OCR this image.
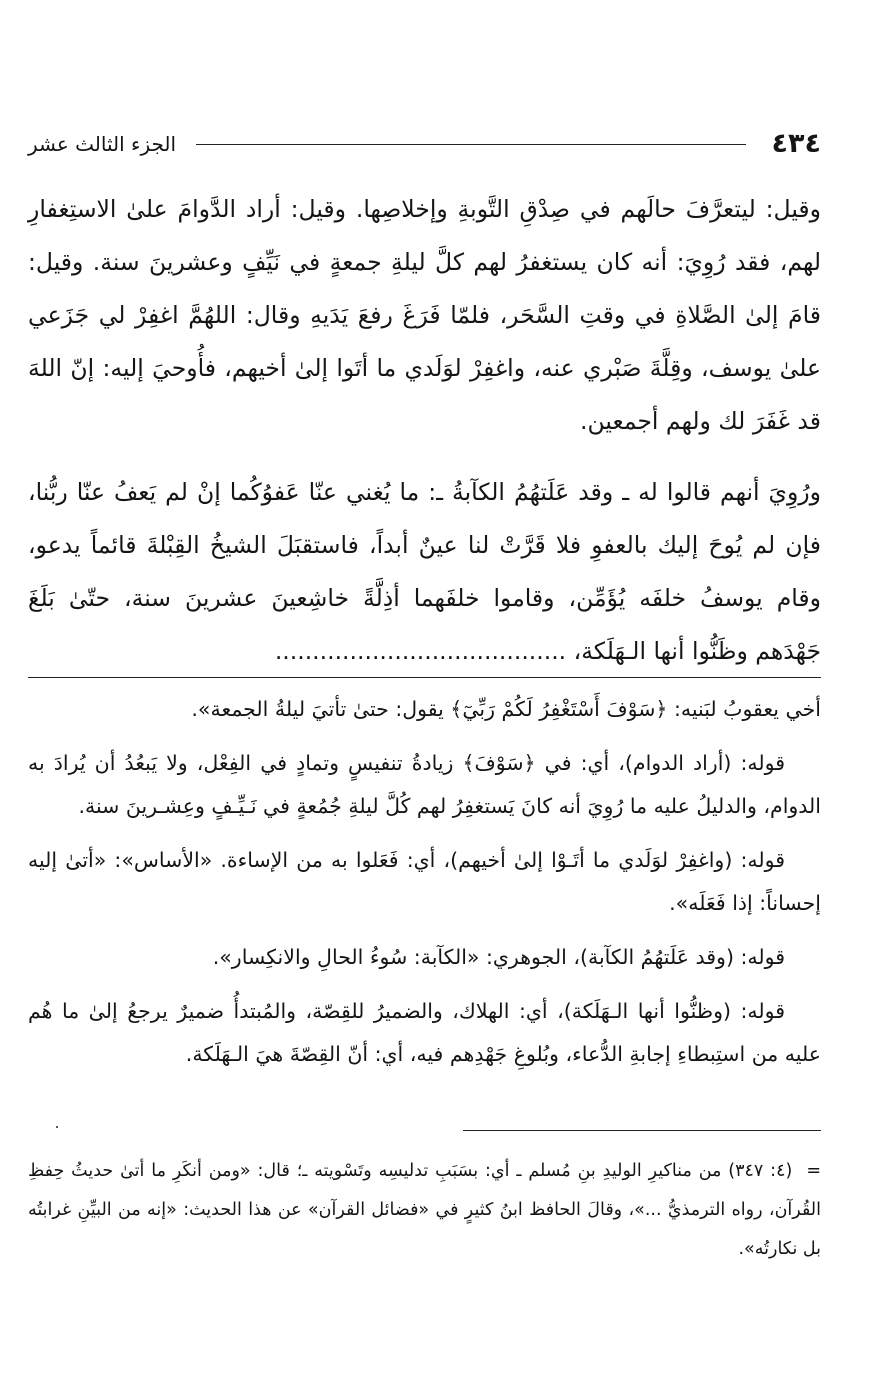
٤٣٤
الجزء الثالث عشر

وقيل: ليتعرَّفَ حالَهم في صِدْقِ التَّوبةِ وإخلاصِها. وقيل: أراد الدَّوامَ علىٰ الاستِغفارِ لهم، فقد رُوِيَ: أنه كان يستغفرُ لهم كلَّ ليلةِ جمعةٍ في نَيِّفٍ وعشرينَ سنة. وقيل: قامَ إلىٰ الصَّلاةِ في وقتِ السَّحَر، فلمّا فَرَغَ رفعَ يَدَيهِ وقال: اللهُمَّ اغفِرْ لي جَزَعي علىٰ يوسف، وقِلَّةَ صَبْري عنه، واغفِرْ لوَلَدي ما أتَوا إلىٰ أخيهم، فأُوحيَ إليه: إنّ اللهَ قد غَفَرَ لك ولهم أجمعين.

ورُوِيَ أنهم قالوا له ـ وقد عَلَتهُمُ الكآبةُ ـ: ما يُغني عنّا عَفوُكُما إنْ لم يَعفُ عنّا ربُّنا، فإن لم يُوحَ إليك بالعفوِ فلا قَرَّتْ لنا عينٌ أبداً، فاستقبَلَ الشيخُ القِبْلةَ قائماً يدعو، وقام يوسفُ خلفَه يُؤَمِّن، وقاموا خلفَهما أذِلَّةً خاشِعينَ عشرينَ سنة، حتّىٰ بَلَغَ جَهْدَهم وظَنُّوا أنها الـهَلَكة، .......................................

أخي يعقوبُ لبَنيه: ﴿سَوْفَ أَسْتَغْفِرُ لَكُمْ رَبِّيٓ﴾ يقول: حتىٰ تأتيَ ليلةُ الجمعة».

قوله: (أراد الدوام)، أي: في ﴿سَوْفَ﴾ زيادةُ تنفيسٍ وتمادٍ في الفِعْل، ولا يَبعُدُ أن يُرادَ به الدوام، والدليلُ عليه ما رُوِيَ أنه كانَ يَستغفِرُ لهم كُلَّ ليلةِ جُمُعةٍ في نَـيِّـفٍ وعِشـرينَ سنة.

قوله: (واغفِرْ لوَلَدي ما أتَـوْا إلىٰ أخيهم)، أي: فَعَلوا به من الإساءة. «الأساس»: «أتىٰ إليه إحساناً: إذا فَعَلَه».

قوله: (وقد عَلَتهُمُ الكآبة)، الجوهري: «الكآبة: سُوءُ الحالِ والانكِسار».

قوله: (وظنُّوا أنها الـهَلَكة)، أي: الهلاك، والضميرُ للقِصّة، والمُبتدأُ ضميرٌ يرجعُ إلىٰ ما هُم عليه من استِبطاءِ إجابةِ الدُّعاء، وبُلوغِ جَهْدِهم فيه، أي: أنّ القِصّةَ هيَ الـهَلَكة.

=(٤: ٣٤٧) من مناكيرِ الوليدِ بنِ مُسلم ـ أي: بسَبَبِ تدليسِه وتَسْويته ـ؛ قال: «ومن أنكَرِ ما أتىٰ حديثُ حِفظِ القُرآن، رواه الترمذيُّ ...»، وقالَ الحافظ ابنُ كثيرٍ في «فضائل القرآن» عن هذا الحديث: «إنه من البيِّنِ غرابتُه بل نكارتُه».
